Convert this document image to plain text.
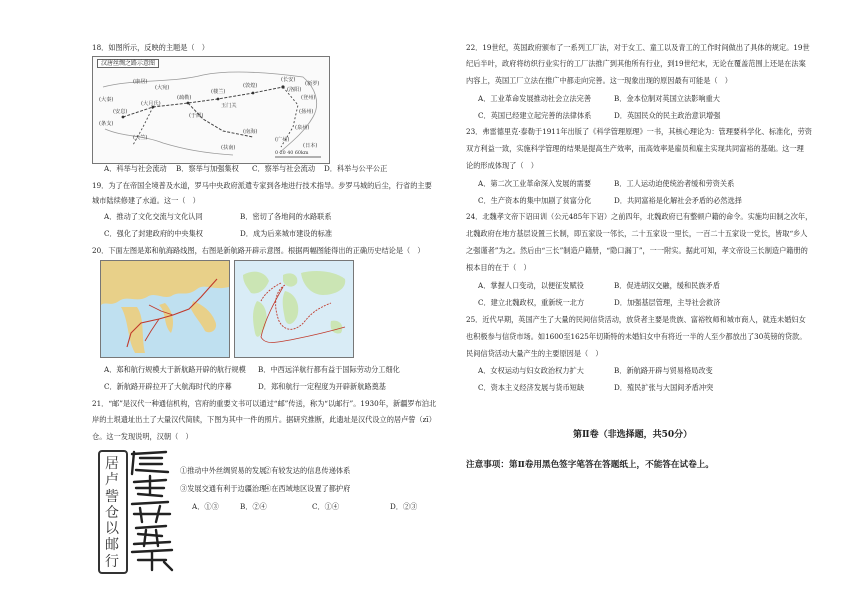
18．如图所示，反映的主题是（　）
汉唐丝绸之路示意图
(长安)
(洛阳)
(敦煌)
(楼兰)
玉门关
(于阗)
(疏勒)
(大宛)
(康居)
(大月氏)
(安息)
(条支)
(大秦)
(天竺)
(扶南)
(南海)
(广州)
(泉州)
(扬州)
(登州)
(新罗)
(日本)
0 20 40 60km
A．科举与社会流动 B．察举与加强集权 C．察举与社会流动 D．科举与公平公正
19．为了在帝国全境普及水道，罗马中央政府派遣专家到各地进行技术指导。步罗马城的后尘，行省的主要
城市陆续修建了水道。这一（　）
A．推动了文化交流与文化认同	B．密切了各地间的水路联系
C．强化了封建政府的中央集权	D．成为后来城市建设的标准
20．下面左图是郑和航海路线图，右图是新航路开辟示意图。根据两幅图能得出的正确历史结论是（　）
A．郑和航行规模大于新航路开辟的航行规模 B．中西远洋航行都有益于国际劳动分工细化
C．新航路开辟拉开了大航海时代的序幕	D．郑和航行一定程度为开辟新航路奠基
21．“邮”是汉代一种通信机构，官府的重要文书可以通过“邮”传送，称为“以邮行”。1930年，新疆罗布泊北
岸的土垠遗址出土了大量汉代简牍，下图为其中一件的照片。据研究推断，此遗址是汉代设立的居卢訾（zī）
仓。这一发现说明，汉朝（　）
居
卢
訾
仓
以
邮
行
①推动中外丝绸贸易的发展
②有较发达的信息传递体系
③发展交通有利于边疆治理
④在西域地区设置了都护府
A．①③	B．②④	C．①④	D．②③
22．19世纪，英国政府颁布了一系列工厂法，对于女工、童工以及青工的工作时间做出了具体的规定。19世
纪后半叶，政府将纺织行业实行的工厂法推广到其他所有行业，到19世纪末，无论在覆盖范围上还是在法案
内容上，英国工厂立法在推广中都走向完善。这一现象出现的原因最有可能是（　）
A．工业革命发展推动社会立法完善	B．金本位制对英国立法影响重大
C．英国已经建立起完善的法律体系	D．英国民众的民主政治意识增强
23．弗雷德里克·泰勒于1911年出版了《科学管理原理》一书，其核心理论为：管理要科学化、标准化，劳资
双方利益一致，实施科学管理的结果是提高生产效率，而高效率是雇员和雇主实现共同富裕的基础。这一理
论的形成体现了（　）
A．第二次工业革命深入发展的需要	B．工人运动迫使统治者缓和劳资关系
C．生产资本的集中加剧了贫富分化	D．共同富裕是化解社会矛盾的必然选择
24．北魏孝文帝下诏田训（公元485年下诏）之前四年，北魏政府已有整顿户籍的命令。实施均田制之次年，
北魏政府在地方基层设置三长制，即五家设一邻长，二十五家设一里长，一百二十五家设一党长，皆取“乡人
之强谨者”为之。然后由“三长”制造户籍册，“隐口漏丁”，一一附实。据此可知，孝文帝设三长制造户籍册的
根本目的在于（　）
A．掌握人口变动，以便征发赋役	B．促进胡汉交融，缓和民族矛盾
C．建立北魏政权，重新统一北方	D．加强基层管理，主导社会救济
25．近代早期，英国产生了大量的民间信贷活动，放贷者主要是贵族、富裕牧师和城市商人，就连未婚妇女
也积极参与信贷市场。如1600至1625年切斯特的未婚妇女中有将近一半的人至少都放出了30英镑的贷款。
民间信贷活动大量产生的主要原因是（　）
A．女权运动与妇女政治权力扩大	B．新航路开辟与贸易格局改变
C．资本主义经济发展与货币短缺	D．殖民扩张与大国间矛盾冲突
第Ⅱ卷（非选择题，共50分）
注意事项：第Ⅱ卷用黑色签字笔答在答题纸上，不能答在试卷上。
